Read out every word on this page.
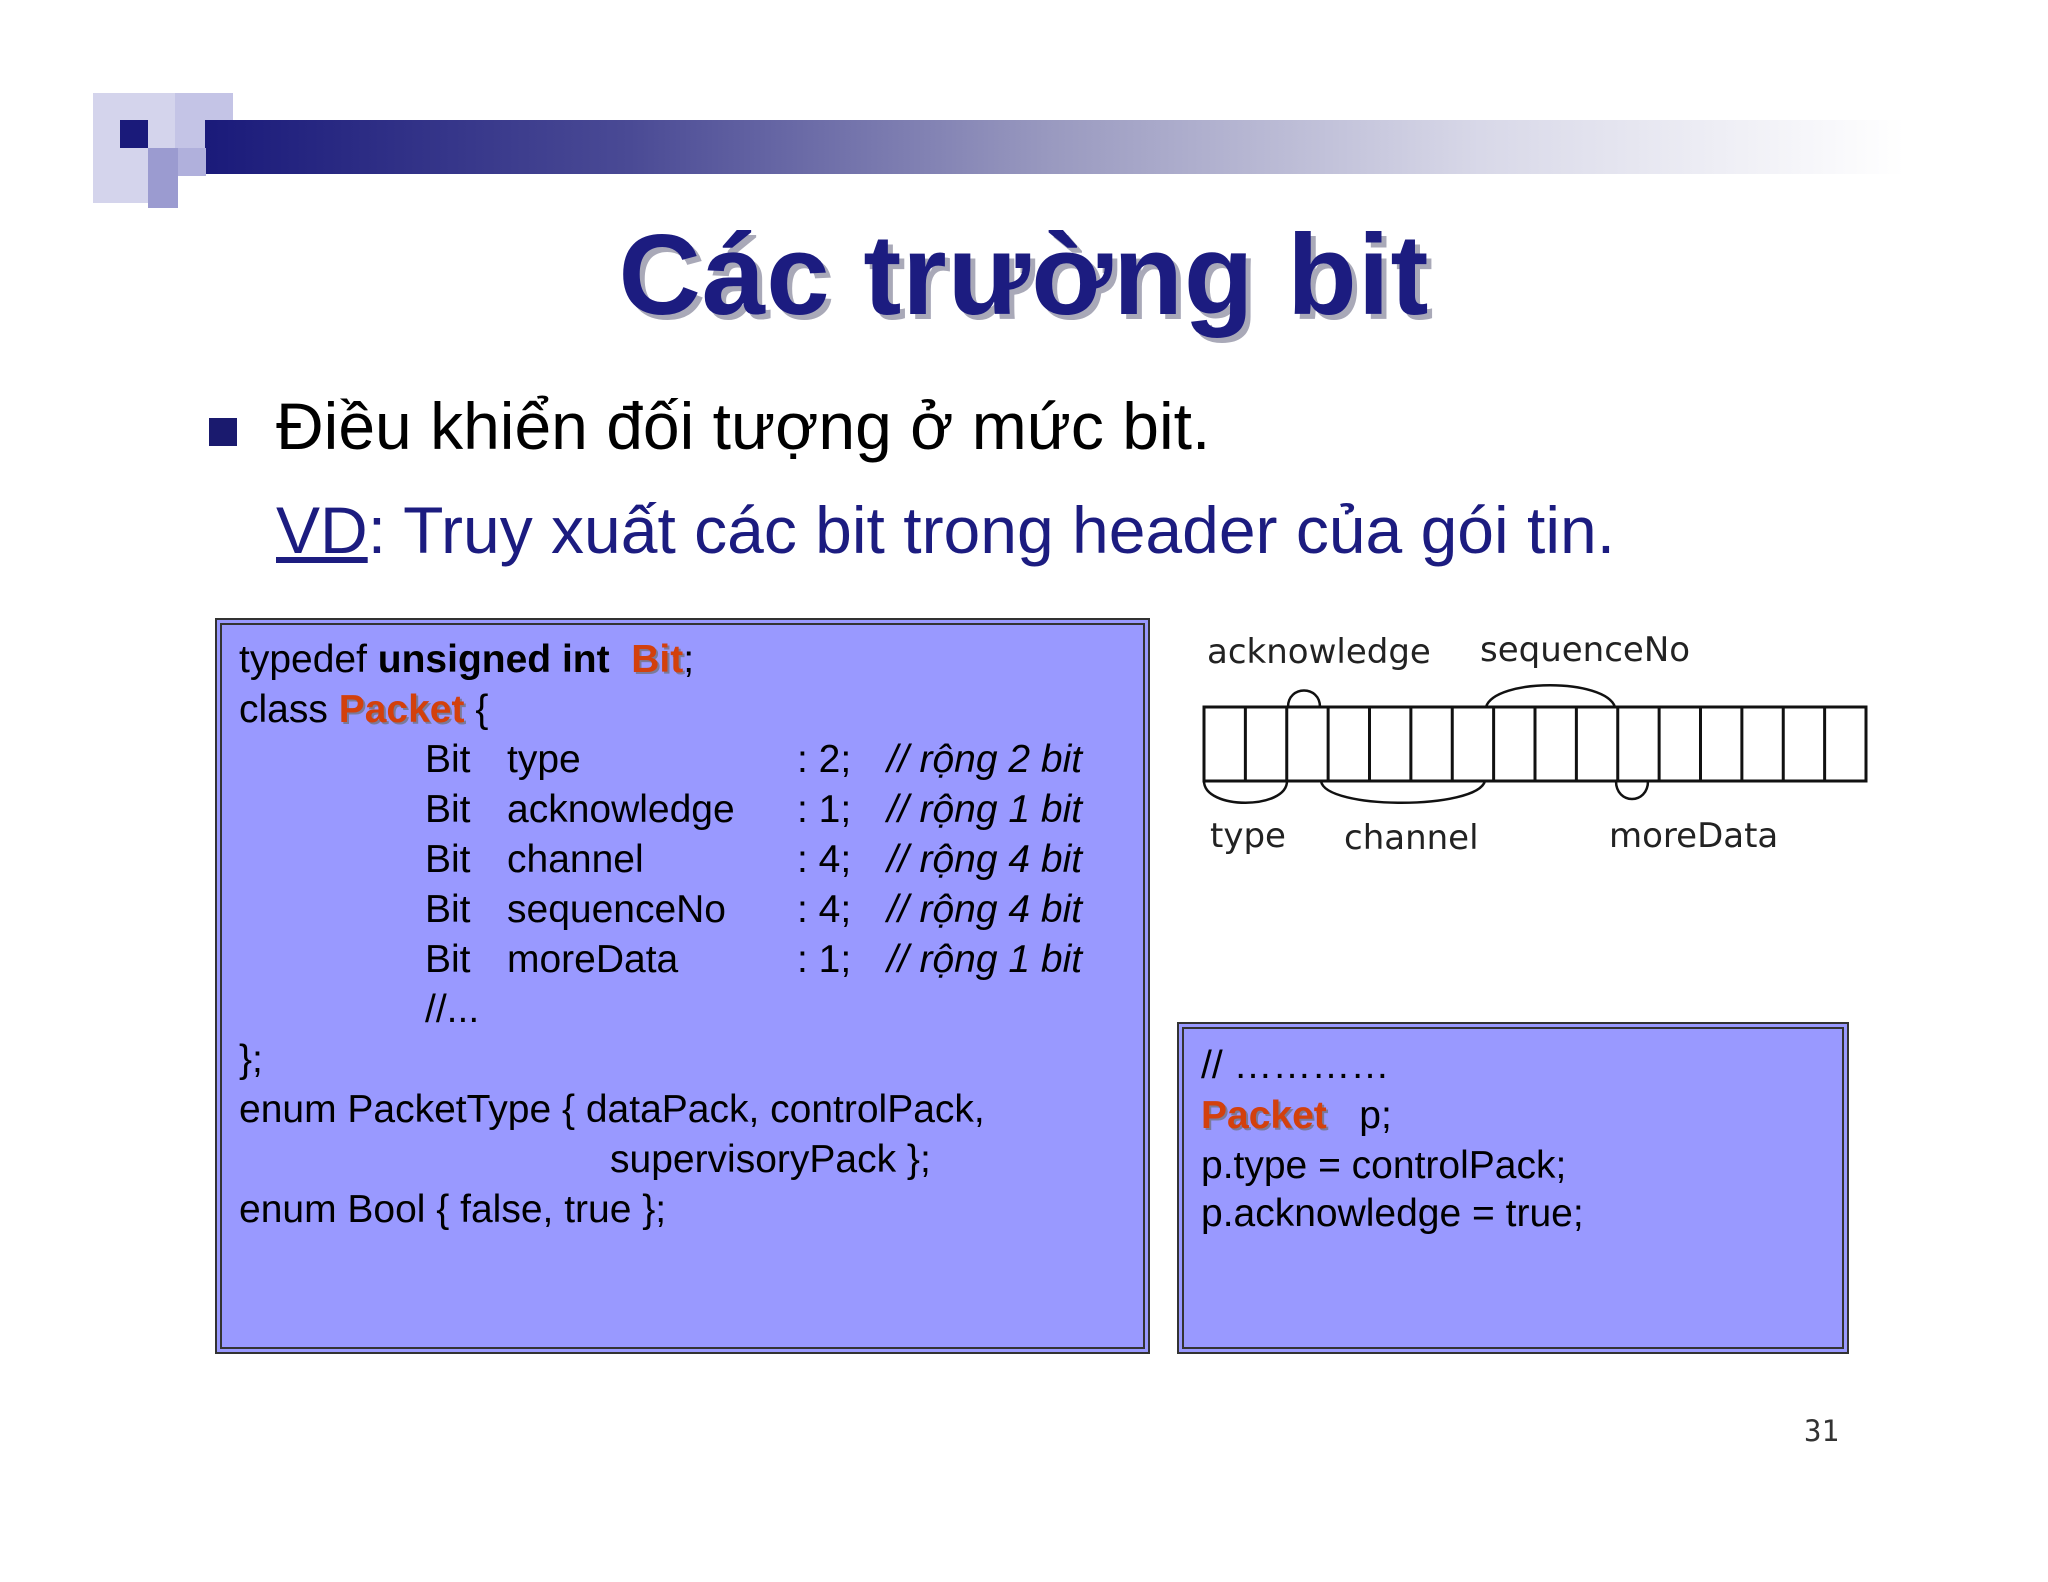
Các trường bit
Điều khiển đối tượng ở mức bit.
VD: Truy xuất các bit trong header của gói tin.
typedef unsigned int Bit;
class Packet {
Bit type	: 2; // rộng 2 bit
Bit acknowledge : 1; // rộng 1 bit
Bit channel	: 4; // rộng 4 bit
Bit sequenceNo : 4; // rộng 4 bit
Bit moreData	: 1; // rộng 1 bit
//...
};
enum PacketType { dataPack, controlPack,
supervisoryPack };
enum Bool { false, true };
acknowledge sequenceNo
type channel	moreData
// …………
Packet p;
p.type = controlPack;
p.acknowledge = true;
31
